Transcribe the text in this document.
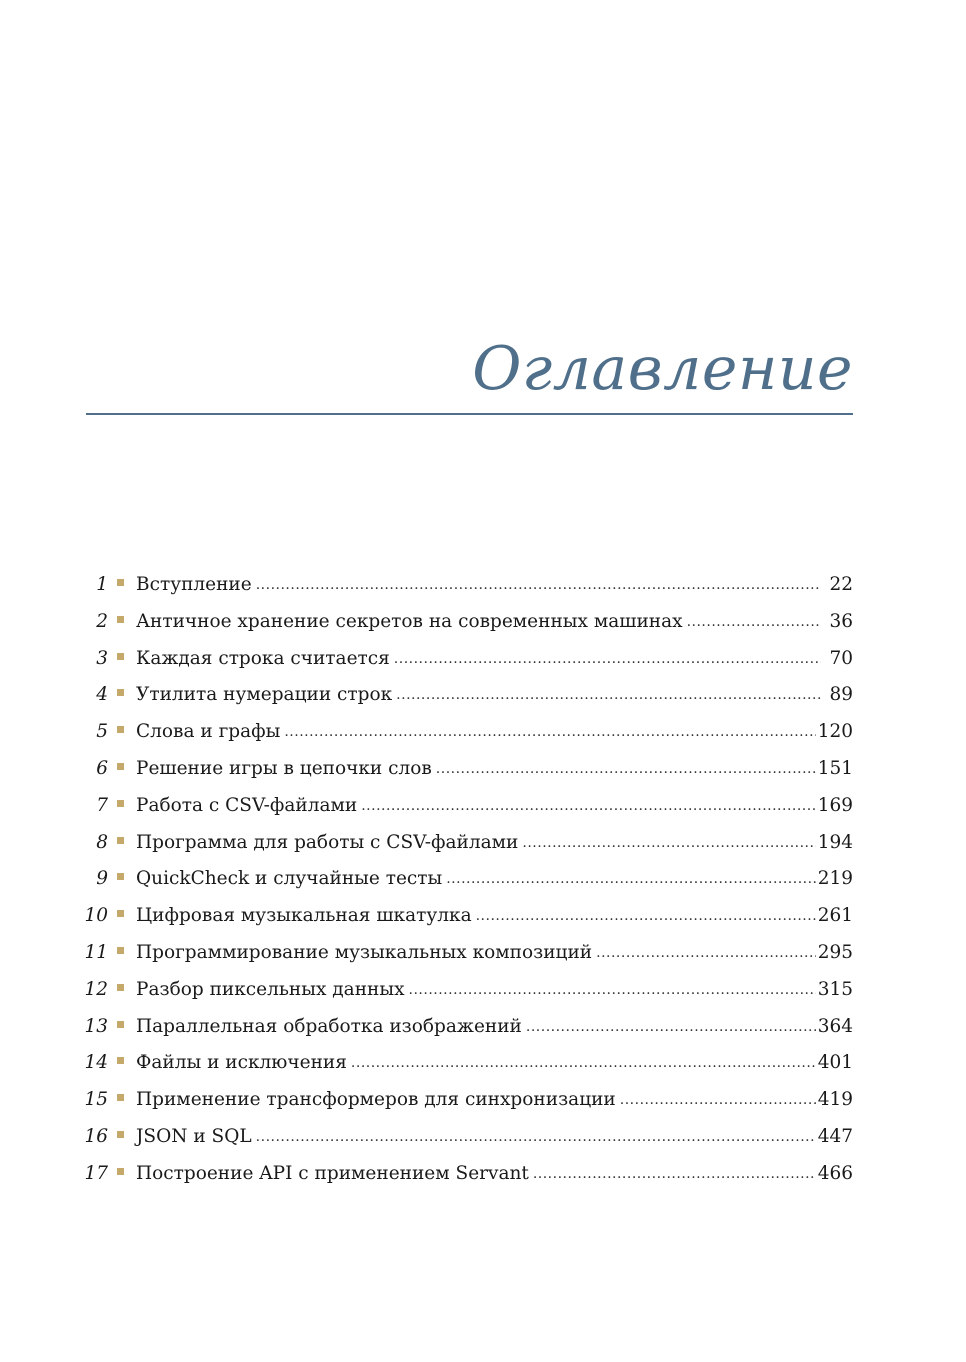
Оглавление
1 Вступление .....	22
2 Античное хранение секретов на современных машинах .....	36
3 Каждая строка считается .....	70
4 Утилита нумерации строк .....	89
5 Слова и графы .....	120
6 Решение игры в цепочки слов .....	151
7 Работа с CSV-файлами .....	169
8 Программа для работы с CSV-файлами .....	194
9 QuickCheck и случайные тесты .....	219
10 Цифровая музыкальная шкатулка .....	261
11 Программирование музыкальных композиций .....	295
12 Разбор пиксельных данных .....	315
13 Параллельная обработка изображений .....	364
14 Файлы и исключения .....	401
15 Применение трансформеров для синхронизации .....	419
16 JSON и SQL .....	447
17 Построение API с применением Servant .....	466
